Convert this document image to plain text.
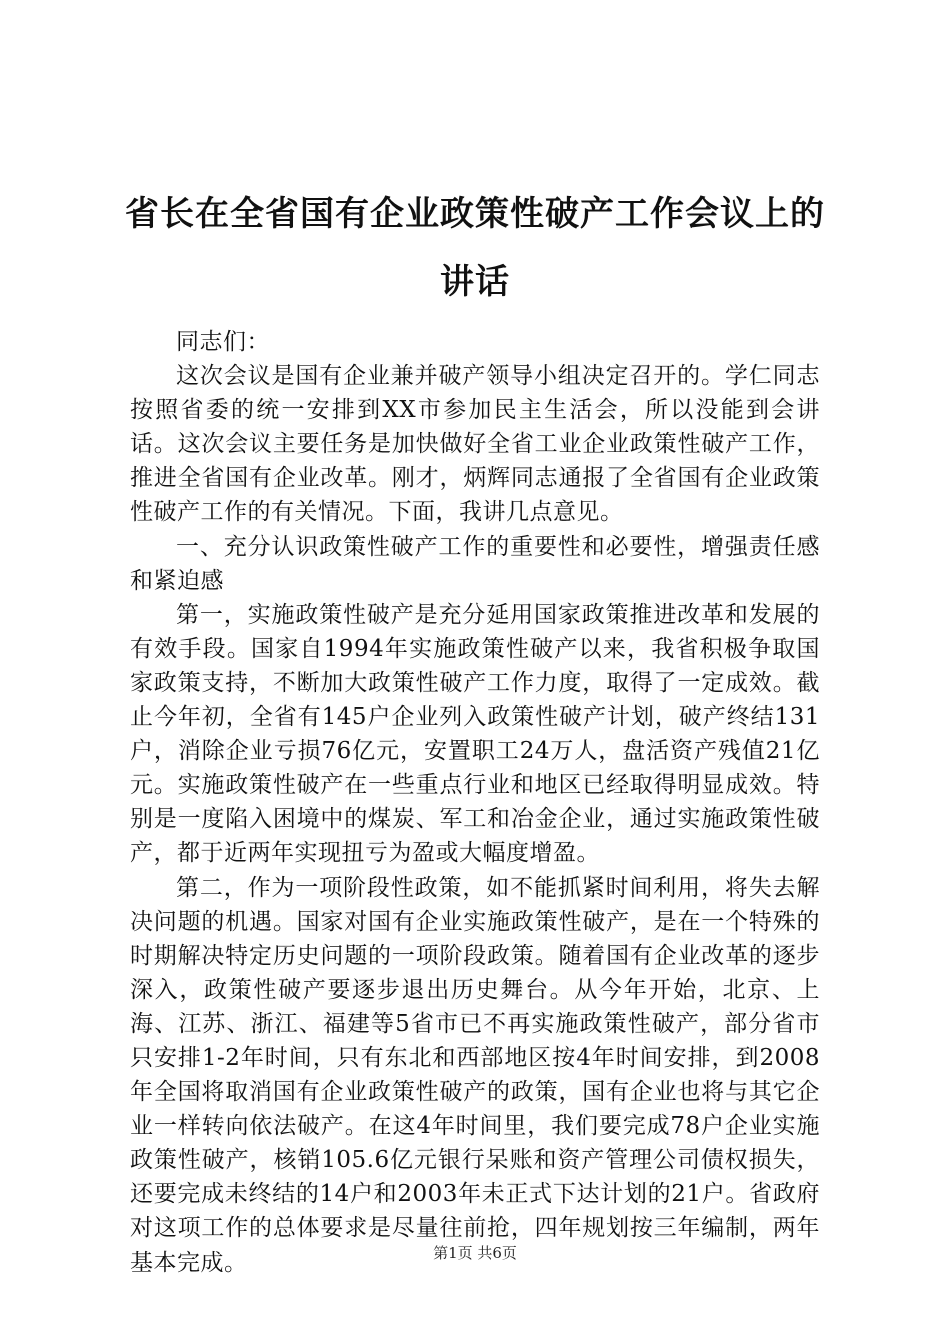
省长在全省国有企业政策性破产工作会议上的讲话

同志们：

这次会议是国有企业兼并破产领导小组决定召开的。学仁同志按照省委的统一安排到XX市参加民主生活会，所以没能到会讲话。这次会议主要任务是加快做好全省工业企业政策性破产工作，推进全省国有企业改革。刚才，炳辉同志通报了全省国有企业政策性破产工作的有关情况。下面，我讲几点意见。

一、充分认识政策性破产工作的重要性和必要性，增强责任感和紧迫感

第一，实施政策性破产是充分延用国家政策推进改革和发展的有效手段。国家自1994年实施政策性破产以来，我省积极争取国家政策支持，不断加大政策性破产工作力度，取得了一定成效。截止今年初，全省有145户企业列入政策性破产计划，破产终结131户，消除企业亏损76亿元，安置职工24万人，盘活资产残值21亿元。实施政策性破产在一些重点行业和地区已经取得明显成效。特别是一度陷入困境中的煤炭、军工和冶金企业，通过实施政策性破产，都于近两年实现扭亏为盈或大幅度增盈。

第二，作为一项阶段性政策，如不能抓紧时间利用，将失去解决问题的机遇。国家对国有企业实施政策性破产，是在一个特殊的时期解决特定历史问题的一项阶段政策。随着国有企业改革的逐步深入，政策性破产要逐步退出历史舞台。从今年开始，北京、上海、江苏、浙江、福建等5省市已不再实施政策性破产，部分省市只安排1-2年时间，只有东北和西部地区按4年时间安排，到2008年全国将取消国有企业政策性破产的政策，国有企业也将与其它企业一样转向依法破产。在这4年时间里，我们要完成78户企业实施政策性破产，核销105.6亿元银行呆账和资产管理公司债权损失，还要完成未终结的14户和2003年未正式下达计划的21户。省政府对这项工作的总体要求是尽量往前抢，四年规划按三年编制，两年基本完成。	第1页 共6页
